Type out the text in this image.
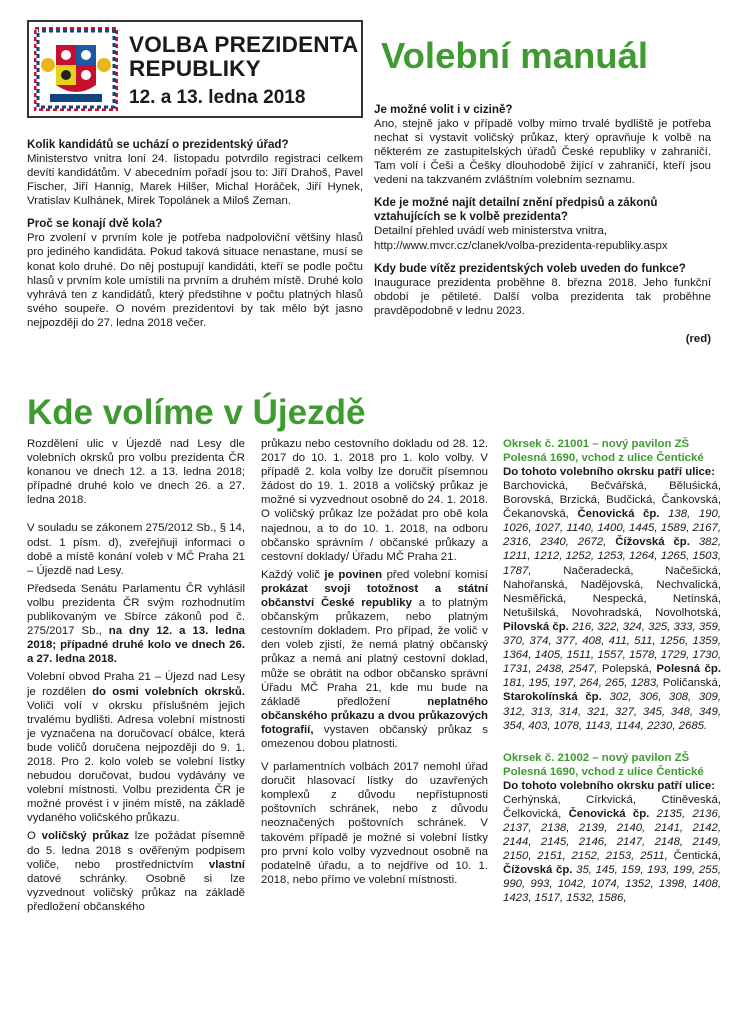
VOLBA PREZIDENTA
REPUBLIKY
12. a 13. ledna 2018
Volební manuál

Kolik kandidátů se uchází o prezidentský úřad?

Ministerstvo vnitra loni 24. listopadu potvrdilo registraci celkem devíti kandidátům. V abecedním pořadí jsou to: Jiří Drahoš, Pavel Fischer, Jiří Hannig, Marek Hilšer, Michal Horáček, Jiří Hynek, Vratislav Kulhánek, Mirek Topolánek a Miloš Zeman.

Proč se konají dvě kola?

Pro zvolení v prvním kole je potřeba nadpoloviční většiny hlasů pro jediného kandidáta. Pokud taková situace nenastane, musí se konat kolo druhé. Do něj postupují kandidáti, kteří se podle počtu hlasů v prvním kole umístili na prvním a druhém místě. Druhé kolo vyhrává ten z kandidátů, který předstihne v počtu platných hlasů svého soupeře. O novém prezidentovi by tak mělo být jasno nejpozději do 27. ledna 2018 večer.

Je možné volit i v cizině?

Ano, stejně jako v případě volby mimo trvalé bydliště je potřeba nechat si vystavit voličský průkaz, který opravňuje k volbě na některém ze zastupitelských úřadů České republiky v zahraničí. Tam volí i Češi a Češky dlouhodobě žijící v zahraničí, kteří jsou vedeni na takzvaném zvláštním volebním seznamu.

Kde je možné najít detailní znění předpisů a zákonů vztahujících se k volbě prezidenta?

Detailní přehled uvádí web ministerstva vnitra,
http://www.mvcr.cz/clanek/volba-prezidenta-republiky.aspx

Kdy bude vítěz prezidentských voleb uveden do funkce?

Inaugurace prezidenta proběhne 8. března 2018. Jeho funkční období je pětileté. Další volba prezidenta tak proběhne pravděpodobně v lednu 2023.

(red)

Kde volíme v Újezdě

Rozdělení ulic v Újezdě nad Lesy dle volebních okrsků pro volbu prezidenta ČR konanou ve dnech 12. a 13. ledna 2018; případné druhé kolo ve dnech 26. a 27. ledna 2018.

V souladu se zákonem 275/2012 Sb., § 14, odst. 1 písm. d), zveřejňuji informaci o době a místě konání voleb v MČ Praha 21 – Újezdě nad Lesy.

Předseda Senátu Parlamentu ČR vyhlásil volbu prezidenta ČR svým rozhodnutím publikovaným ve Sbírce zákonů pod č. 275/2017 Sb., na dny 12. a 13. ledna 2018; případné druhé kolo ve dnech 26. a 27. ledna 2018.

Volební obvod Praha 21 – Újezd nad Lesy je rozdělen do osmi volebních okrsků. Voliči volí v okrsku příslušném jejich trvalému bydlišti. Adresa volební místnosti je vyznačena na doručovací obálce, která bude voličů doručena nejpozději do 9. 1. 2018. Pro 2. kolo voleb se volební lístky nebudou doručovat, budou vydávány ve volební místnosti. Volbu prezidenta ČR je možné provést i v jiném místě, na základě vydaného voličského průkazu.

O voličský průkaz lze požádat písemně do 5. ledna 2018 s ověřeným podpisem voliče, nebo prostřednictvím vlastní datové schránky. Osobně si lze vyzvednout voličský průkaz na základě předložení občanského

průkazu nebo cestovního dokladu od 28. 12. 2017 do 10. 1. 2018 pro 1. kolo volby. V případě 2. kola volby lze doručit písemnou žádost do 19. 1. 2018 a voličský průkaz je možné si vyzvednout osobně do 24. 1. 2018. O voličský průkaz lze požádat pro obě kola najednou, a to do 10. 1. 2018, na odboru občansko správním / občanské průkazy a cestovní doklady/ Úřadu MČ Praha 21.

Každý volič je povinen před volební komisí prokázat svoji totožnost a státní občanství České republiky a to platným občanským průkazem, nebo platným cestovním dokladem. Pro případ, že volič v den voleb zjistí, že nemá platný občanský průkaz a nemá ani platný cestovní doklad, může se obrátit na odbor občansko správní Úřadu MČ Praha 21, kde mu bude na základě předložení	neplatného občanského průkazu a dvou průkazových fotografií, vystaven občanský průkaz s omezenou dobou platnosti.

V parlamentních volbách 2017 nemohl úřad doručit hlasovací lístky do uzavřených komplexů z důvodu nepřístupnosti poštovních schránek, nebo z důvodu neoznačených poštovních schránek. V takovém případě je možné si volební lístky pro první kolo volby vyzvednout osobně na podatelně úřadu, a to nejdříve od 10. 1. 2018, nebo přímo ve volební místnosti.

Okrsek č. 21001 – nový pavilon ZŠ Polesná 1690, vchod z ulice Čentické

Do tohoto volebního okrsku patří ulice:

Barchovická, Bečvářská, Běluśická, Borovská, Brzická, Budčická, Čankovská, Čekanovská, Čenovická čp. 138, 190, 1026, 1027, 1140, 1400, 1445, 1589, 2167, 2316, 2340, 2672, Čížovská čp. 382, 1211, 1212, 1252, 1253, 1264, 1265, 1503, 1787,	Načeradecká, Načešická, Nahořanská, Nadějovská, Nechvalická, Nesměřická, Nespecká, Netínská, Netušilská, Novohradská, Novolhotská, Pilovská čp. 216, 322, 324, 325, 333, 359, 370, 374, 377, 408, 411, 511, 1256, 1359, 1364, 1405, 1511, 1557, 1578, 1729, 1730, 1731, 2438, 2547, Polepská, Polesná čp. 181, 195, 197, 264, 265, 1283, Poličanská, Starokolínská čp. 302, 306, 308, 309, 312, 313, 314, 321, 327, 345, 348, 349, 354, 403, 1078, 1143, 1144, 2230, 2685.

Okrsek č. 21002 – nový pavilon ZŠ Polesná 1690, vchod z ulice Čentické

Do tohoto volebního okrsku patří ulice:

Cerhýnská, Církvická, Ctiněveská, Čelkovická, Čenovická čp. 2135, 2136, 2137, 2138, 2139, 2140, 2141, 2142, 2144, 2145, 2146, 2147, 2148, 2149, 2150, 2151, 2152, 2153, 2511, Čentická, Čížovská čp. 35, 145, 159, 193, 199, 255, 990, 993, 1042, 1074, 1352, 1398, 1408, 1423, 1517, 1532, 1586,
